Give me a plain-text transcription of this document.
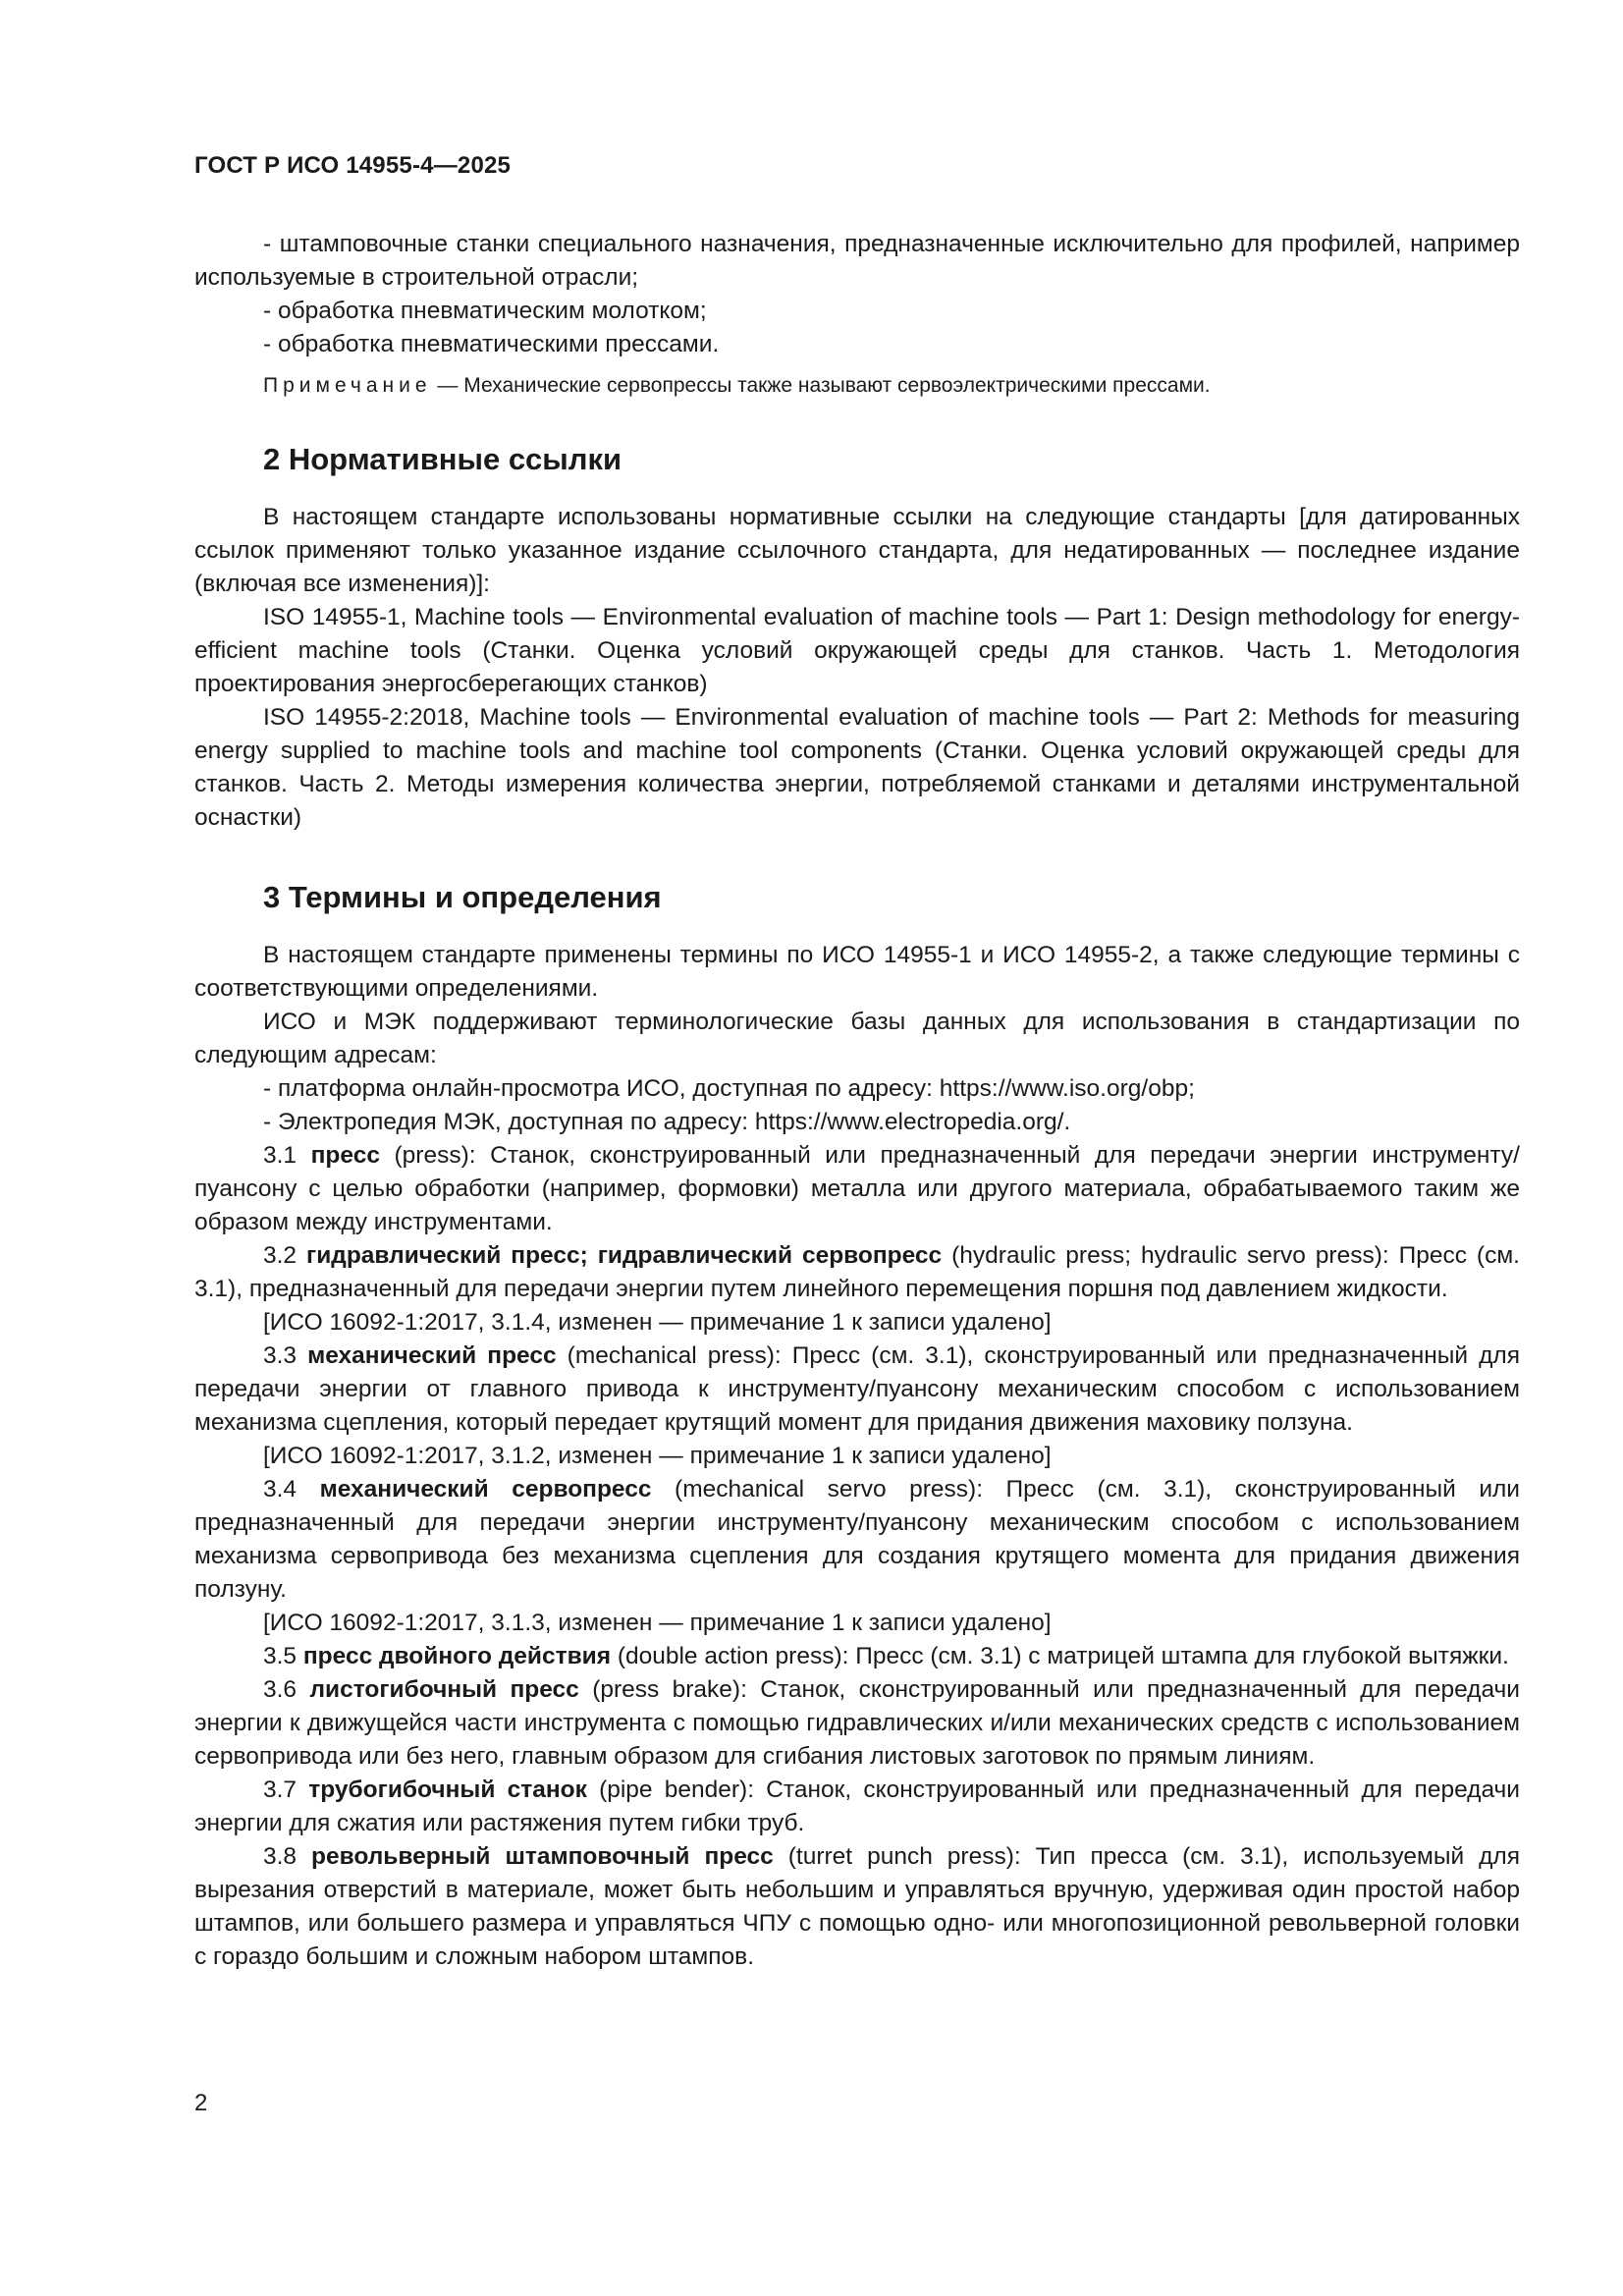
ГОСТ Р ИСО 14955-4—2025

- штамповочные станки специального назначения, предназначенные исключительно для профилей, например используемые в строительной отрасли;

- обработка пневматическим молотком;

- обработка пневматическими прессами.

Примечание — Механические сервопрессы также называют сервоэлектрическими прессами.
2 Нормативные ссылки

В настоящем стандарте использованы нормативные ссылки на следующие стандарты [для датированных ссылок применяют только указанное издание ссылочного стандарта, для недатированных — последнее издание (включая все изменения)]:

ISO 14955-1, Machine tools — Environmental evaluation of machine tools — Part 1: Design methodology for energy-efficient machine tools (Станки. Оценка условий окружающей среды для станков. Часть 1. Методология проектирования энергосберегающих станков)

ISO 14955-2:2018, Machine tools — Environmental evaluation of machine tools — Part 2: Methods for measuring energy supplied to machine tools and machine tool components (Станки. Оценка условий окружающей среды для станков. Часть 2. Методы измерения количества энергии, потребляемой станками и деталями инструментальной оснастки)

3 Термины и определения

В настоящем стандарте применены термины по ИСО 14955-1 и ИСО 14955-2, а также следующие термины с соответствующими определениями.

ИСО и МЭК поддерживают терминологические базы данных для использования в стандартизации по следующим адресам:

- платформа онлайн-просмотра ИСО, доступная по адресу: https://www.iso.org/obp;

- Электропедия МЭК, доступная по адресу: https://www.electropedia.org/.

3.1 пресс (press): Станок, сконструированный или предназначенный для передачи энергии инструменту/пуансону с целью обработки (например, формовки) металла или другого материала, обрабатываемого таким же образом между инструментами.

3.2 гидравлический пресс; гидравлический сервопресс (hydraulic press; hydraulic servo press): Пресс (см. 3.1), предназначенный для передачи энергии путем линейного перемещения поршня под давлением жидкости.

[ИСО 16092-1:2017, 3.1.4, изменен — примечание 1 к записи удалено]

3.3 механический пресс (mechanical press): Пресс (см. 3.1), сконструированный или предназначенный для передачи энергии от главного привода к инструменту/пуансону механическим способом с использованием механизма сцепления, который передает крутящий момент для придания движения маховику ползуна.

[ИСО 16092-1:2017, 3.1.2, изменен — примечание 1 к записи удалено]

3.4 механический сервопресс (mechanical servo press): Пресс (см. 3.1), сконструированный или предназначенный для передачи энергии инструменту/пуансону механическим способом с использованием механизма сервопривода без механизма сцепления для создания крутящего момента для придания движения ползуну.

[ИСО 16092-1:2017, 3.1.3, изменен — примечание 1 к записи удалено]

3.5 пресс двойного действия (double action press): Пресс (см. 3.1) с матрицей штампа для глубокой вытяжки.

3.6 листогибочный пресс (press brake): Станок, сконструированный или предназначенный для передачи энергии к движущейся части инструмента с помощью гидравлических и/или механических средств с использованием сервопривода или без него, главным образом для сгибания листовых заготовок по прямым линиям.

3.7 трубогибочный станок (pipe bender): Станок, сконструированный или предназначенный для передачи энергии для сжатия или растяжения путем гибки труб.

3.8 револьверный штамповочный пресс (turret punch press): Тип пресса (см. 3.1), используемый для вырезания отверстий в материале, может быть небольшим и управляться вручную, удерживая один простой набор штампов, или большего размера и управляться ЧПУ с помощью одно- или многопозиционной револьверной головки с гораздо большим и сложным набором штампов.

2
